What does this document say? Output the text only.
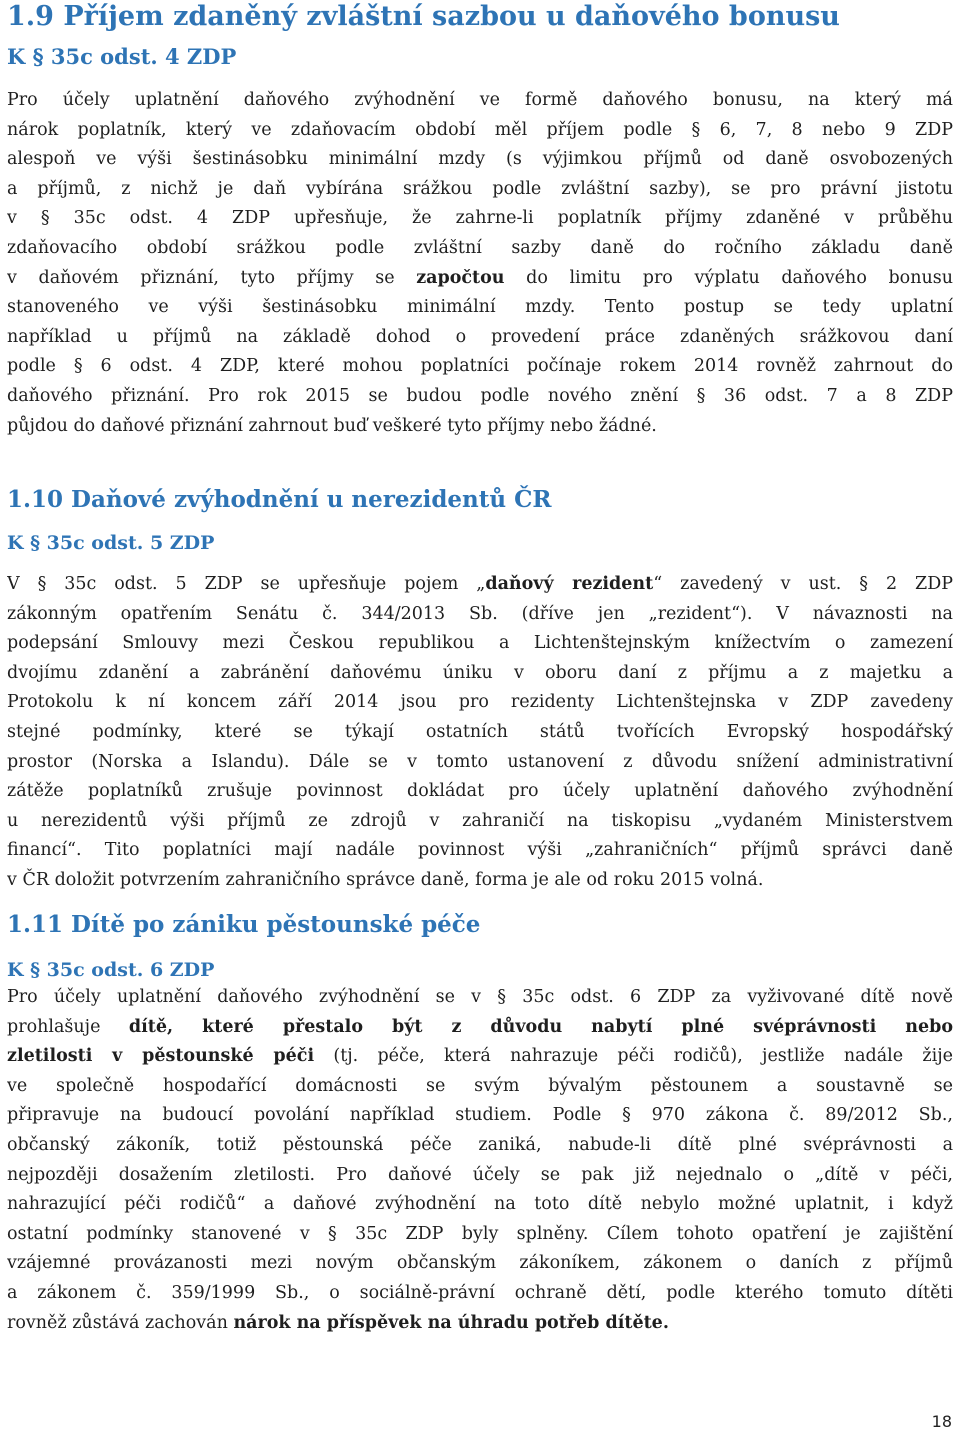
1.9 Příjem zdaněný zvláštní sazbou u daňového bonusu
K § 35c odst. 4 ZDP
Pro účely uplatnění daňového zvýhodnění ve formě daňového bonusu, na který má
nárok poplatník, který ve zdaňovacím období měl příjem podle § 6, 7, 8 nebo 9 ZDP
alespoň ve výši šestinásobku minimální mzdy (s výjimkou příjmů od daně osvobozených
a příjmů, z nichž je daň vybírána srážkou podle zvláštní sazby), se pro právní jistotu
v § 35c odst. 4 ZDP upřesňuje, že zahrne-li poplatník příjmy zdaněné v průběhu
zdaňovacího období srážkou podle zvláštní sazby daně do ročního základu daně
v daňovém přiznání, tyto příjmy se započtou do limitu pro výplatu daňového bonusu
stanoveného ve výši šestinásobku minimální mzdy. Tento postup se tedy uplatní
například u příjmů na základě dohod o provedení práce zdaněných srážkovou daní
podle § 6 odst. 4 ZDP, které mohou poplatníci počínaje rokem 2014 rovněž zahrnout do
daňového přiznání. Pro rok 2015 se budou podle nového znění § 36 odst. 7 a 8 ZDP
půjdou do daňové přiznání zahrnout buď veškeré tyto příjmy nebo žádné.
1.10 Daňové zvýhodnění u nerezidentů ČR
K § 35c odst. 5 ZDP
V § 35c odst. 5 ZDP se upřesňuje pojem „daňový rezident“ zavedený v ust. § 2 ZDP
zákonným opatřením Senátu č. 344/2013 Sb. (dříve jen „rezident“). V návaznosti na
podepsání Smlouvy mezi Českou republikou a Lichtenštejnským knížectvím o zamezení
dvojímu zdanění a zabránění daňovému úniku v oboru daní z příjmu a z majetku a
Protokolu k ní koncem září 2014 jsou pro rezidenty Lichtenštejnska v ZDP zavedeny
stejné podmínky, které se týkají ostatních států tvořících Evropský hospodářský
prostor (Norska a Islandu). Dále se v tomto ustanovení z důvodu snížení administrativní
zátěže poplatníků zrušuje povinnost dokládat pro účely uplatnění daňového zvýhodnění
u nerezidentů výši příjmů ze zdrojů v zahraničí na tiskopisu „vydaném Ministerstvem
financí“. Tito poplatníci mají nadále povinnost výši „zahraničních“ příjmů správci daně
v ČR doložit potvrzením zahraničního správce daně, forma je ale od roku 2015 volná.
1.11 Dítě po zániku pěstounské péče
K § 35c odst. 6 ZDP
Pro účely uplatnění daňového zvýhodnění se v § 35c odst. 6 ZDP za vyživované dítě nově
prohlašuje dítě, které přestalo být z důvodu nabytí plné svéprávnosti nebo
zletilosti v pěstounské péči (tj. péče, která nahrazuje péči rodičů), jestliže nadále žije
ve společně hospodařící domácnosti se svým bývalým pěstounem a soustavně se
připravuje na budoucí povolání například studiem. Podle § 970 zákona č. 89/2012 Sb.,
občanský zákoník, totiž pěstounská péče zaniká, nabude-li dítě plné svéprávnosti a
nejpozději dosažením zletilosti. Pro daňové účely se pak již nejednalo o „dítě v péči,
nahrazující péči rodičů“ a daňové zvýhodnění na toto dítě nebylo možné uplatnit, i když
ostatní podmínky stanovené v § 35c ZDP byly splněny. Cílem tohoto opatření je zajištění
vzájemné provázanosti mezi novým občanským zákoníkem, zákonem o daních z příjmů
a zákonem č. 359/1999 Sb., o sociálně-právní ochraně dětí, podle kterého tomuto dítěti
rovněž zůstává zachován nárok na příspěvek na úhradu potřeb dítěte.
18
